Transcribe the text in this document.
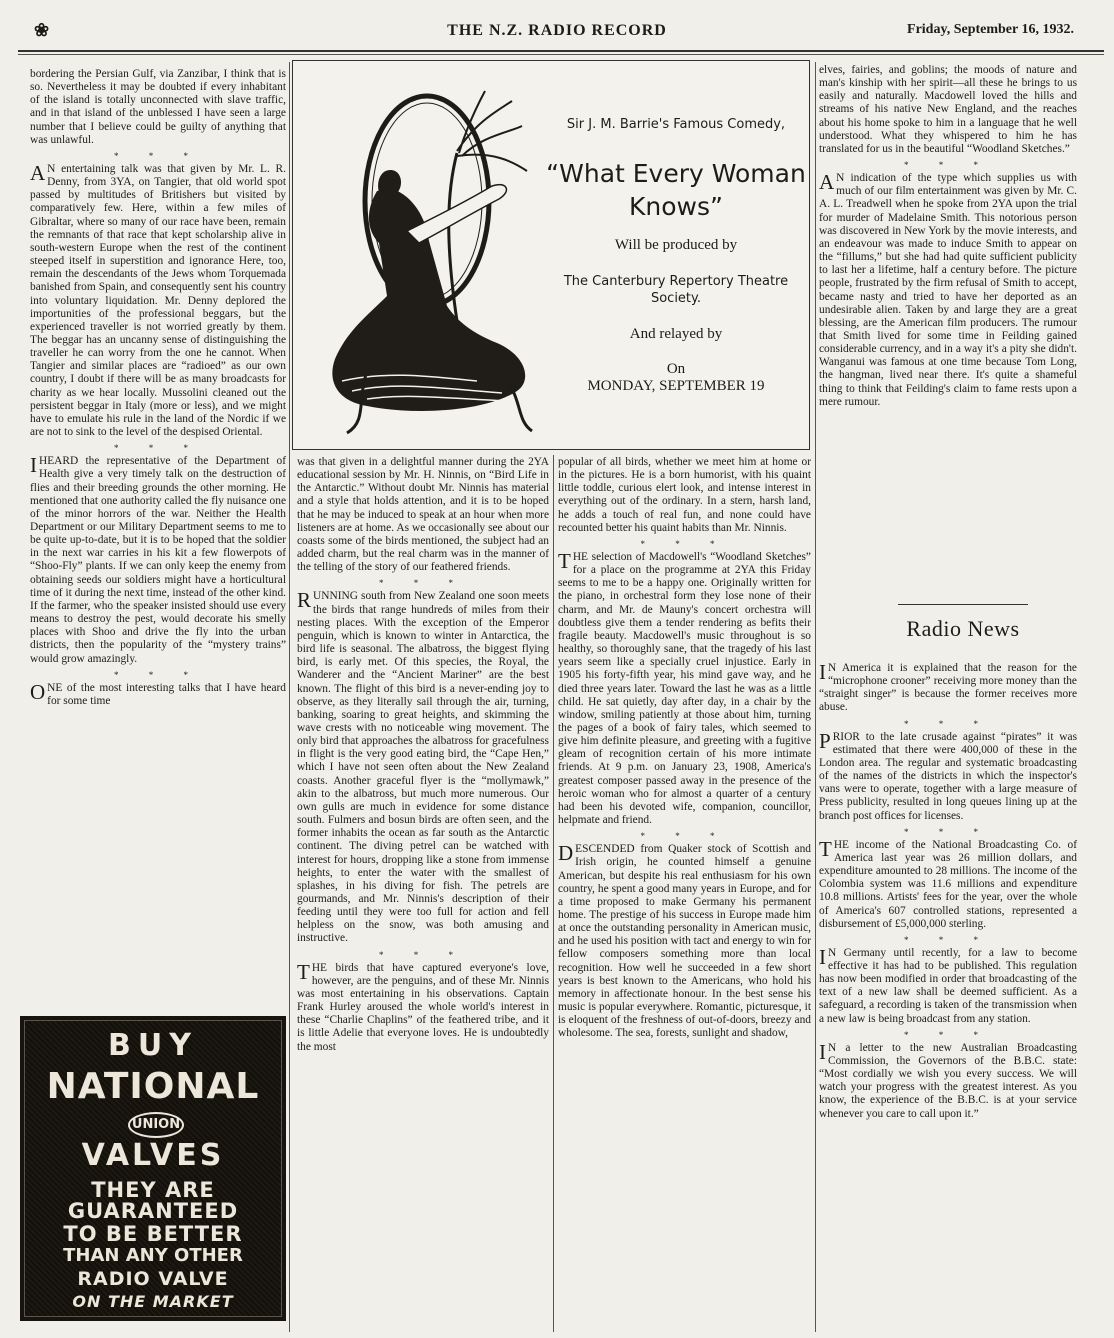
❀	THE N.Z. RADIO RECORD	Friday, September 16, 1932.

bordering the Persian Gulf, via Zanzibar, I think that is so. Nevertheless it may be doubted if every inhabitant of the island is totally unconnected with slave traffic, and in that island of the unblessed I have seen a large number that I believe could be guilty of anything that was unlawful.

* * *

A N entertaining talk was that given by Mr. L. R. Denny, from 3YA, on Tangier, that old world spot passed by multitudes of Britishers but visited by comparatively few. Here, within a few miles of Gibraltar, where so many of our race have been, remain the remnants of that race that kept scholarship alive in south-western Europe when the rest of the continent steeped itself in superstition and ignorance Here, too, remain the descendants of the Jews whom Torquemada banished from Spain, and consequently sent his country into voluntary liquidation. Mr. Denny deplored the importunities of the professional beggars, but the experienced traveller is not worried greatly by them. The beggar has an uncanny sense of distinguishing the traveller he can worry from the one he cannot. When Tangier and similar places are “radioed” as our own country, I doubt if there will be as many broadcasts for charity as we hear locally. Mussolini cleaned out the persistent beggar in Italy (more or less), and we might have to emulate his rule in the land of the Nordic if we are not to sink to the level of the despised Oriental.

* * *

I HEARD the representative of the Department of Health give a very timely talk on the destruction of flies and their breeding grounds the other morning. He mentioned that one authority called the fly nuisance one of the minor horrors of the war. Neither the Health Department or our Military Department seems to me to be quite up-to-date, but it is to be hoped that the soldier in the next war carries in his kit a few flowerpots of “Shoo-Fly” plants. If we can only keep the enemy from obtaining seeds our soldiers might have a horticultural time of it during the next time, instead of the other kind. If the farmer, who the speaker insisted should use every means to destroy the pest, would decorate his smelly places with Shoo and drive the fly into the urban districts, then the popularity of the “mystery trains” would grow amazingly.

* * *

ONE of the most interesting talks that I have heard for some time

Sir J. M. Barrie's Famous Comedy,
“What Every Woman Knows”
Will be produced by
The Canterbury Repertory Theatre Society.
And relayed by
On
MONDAY, SEPTEMBER 19

was that given in a delightful manner during the 2YA educational session by Mr. H. Ninnis, on “Bird Life in the Antarctic.” Without doubt Mr. Ninnis has material and a style that holds attention, and it is to be hoped that he may be induced to speak at an hour when more listeners are at home. As we occasionally see about our coasts some of the birds mentioned, the subject had an added charm, but the real charm was in the manner of the telling of the story of our feathered friends.

* * *

RUNNING south from New Zealand one soon meets the birds that range hundreds of miles from their nesting places. With the exception of the Emperor penguin, which is known to winter in Antarctica, the bird life is seasonal. The albatross, the biggest flying bird, is early met. Of this species, the Royal, the Wanderer and the “Ancient Mariner” are the best known. The flight of this bird is a never-ending joy to observe, as they literally sail through the air, turning, banking, soaring to great heights, and skimming the wave crests with no noticeable wing movement. The only bird that approaches the albatross for gracefulness in flight is the very good eating bird, the “Cape Hen,” which I have not seen often about the New Zealand coasts. Another graceful flyer is the “mollymawk,” akin to the albatross, but much more numerous. Our own gulls are much in evidence for some distance south. Fulmers and bosun birds are often seen, and the former inhabits the ocean as far south as the Antarctic continent. The diving petrel can be watched with interest for hours, dropping like a stone from immense heights, to enter the water with the smallest of splashes, in his diving for fish. The petrels are gourmands, and Mr. Ninnis's description of their feeding until they were too full for action and fell helpless on the snow, was both amusing and instructive.

* * *

THE birds that have captured everyone's love, however, are the penguins, and of these Mr. Ninnis was most entertaining in his observations. Captain Frank Hurley aroused the whole world's interest in these “Charlie Chaplins” of the feathered tribe, and it is little Adelie that everyone loves. He is undoubtedly the most

popular of all birds, whether we meet him at home or in the pictures. He is a born humorist, with his quaint little toddle, curious elert look, and intense interest in everything out of the ordinary. In a stern, harsh land, he adds a touch of real fun, and none could have recounted better his quaint habits than Mr. Ninnis.

* * *

THE selection of Macdowell's “Woodland Sketches” for a place on the programme at 2YA this Friday seems to me to be a happy one. Originally written for the piano, in orchestral form they lose none of their charm, and Mr. de Mauny's concert orchestra will doubtless give them a tender rendering as befits their fragile beauty. Macdowell's music throughout is so healthy, so thoroughly sane, that the tragedy of his last years seem like a specially cruel injustice. Early in 1905 his forty-fifth year, his mind gave way, and he died three years later. Toward the last he was as a little child. He sat quietly, day after day, in a chair by the window, smiling patiently at those about him, turning the pages of a book of fairy tales, which seemed to give him definite pleasure, and greeting with a fugitive gleam of recognition certain of his more intimate friends. At 9 p.m. on January 23, 1908, America's greatest composer passed away in the presence of the heroic woman who for almost a quarter of a century had been his devoted wife, companion, councillor, helpmate and friend.

* * *

DESCENDED from Quaker stock of Scottish and Irish origin, he counted himself a genuine American, but despite his real enthusiasm for his own country, he spent a good many years in Europe, and for a time proposed to make Germany his permanent home. The prestige of his success in Europe made him at once the outstanding personality in American music, and he used his position with tact and energy to win for fellow composers something more than local recognition. How well he succeeded in a few short years is best known to the Americans, who hold his memory in affectionate honour. In the best sense his music is popular everywhere. Romantic, picturesque, it is eloquent of the freshness of out-of-doors, breezy and wholesome. The sea, forests, sunlight and shadow,

elves, fairies, and goblins; the moods of nature and man's kinship with her spirit—all these he brings to us easily and naturally. Macdowell loved the hills and streams of his native New England, and the reaches about his home spoke to him in a language that he well understood. What they whispered to him he has translated for us in the beautiful “Woodland Sketches.”

* * *

A N indication of the type which supplies us with much of our film entertainment was given by Mr. C. A. L. Treadwell when he spoke from 2YA upon the trial for murder of Madelaine Smith. This notorious person was discovered in New York by the movie interests, and an endeavour was made to induce Smith to appear on the “fillums,” but she had had quite sufficient publicity to last her a lifetime, half a century before. The picture people, frustrated by the firm refusal of Smith to accept, became nasty and tried to have her deported as an undesirable alien. Taken by and large they are a great blessing, are the American film producers. The rumour that Smith lived for some time in Feilding gained considerable currency, and in a way it's a pity she didn't. Wanganui was famous at one time because Tom Long, the hangman, lived near there. It's quite a shameful thing to think that Feilding's claim to fame rests upon a mere rumour.

Radio News

I N America it is explained that the reason for the “microphone crooner” receiving more money than the “straight singer” is because the former receives more abuse.

* * *

PRIOR to the late crusade against “pirates” it was estimated that there were 400,000 of these in the London area. The regular and systematic broadcasting of the names of the districts in which the inspector's vans were to operate, together with a large measure of Press publicity, resulted in long queues lining up at the branch post offices for licenses.

* * *

THE income of the National Broadcasting Co. of America last year was 26 million dollars, and expenditure amounted to 28 millions. The income of the Colombia system was 11.6 millions and expenditure 10.8 millions. Artists' fees for the year, over the whole of America's 607 controlled stations, represented a disbursement of £5,000,000 sterling.

* * *

I N Germany until recently, for a law to become effective it has had to be published. This regulation has now been modified in order that broadcasting of the text of a new law shall be deemed sufficient. As a safeguard, a recording is taken of the transmission when a new law is being broadcast from any station.

* * *

I N a letter to the new Australian Broadcasting Commission, the Governors of the B.B.C. state: “Most cordially we wish you every success. We will watch your progress with the greatest interest. As you know, the experience of the B.B.C. is at your service whenever you care to call upon it.”

BUY
NATIONAL
UNION
VALVES
THEY ARE
GUARANTEED
TO BE BETTER
THAN ANY OTHER
RADIO VALVE
ON THE MARKET
